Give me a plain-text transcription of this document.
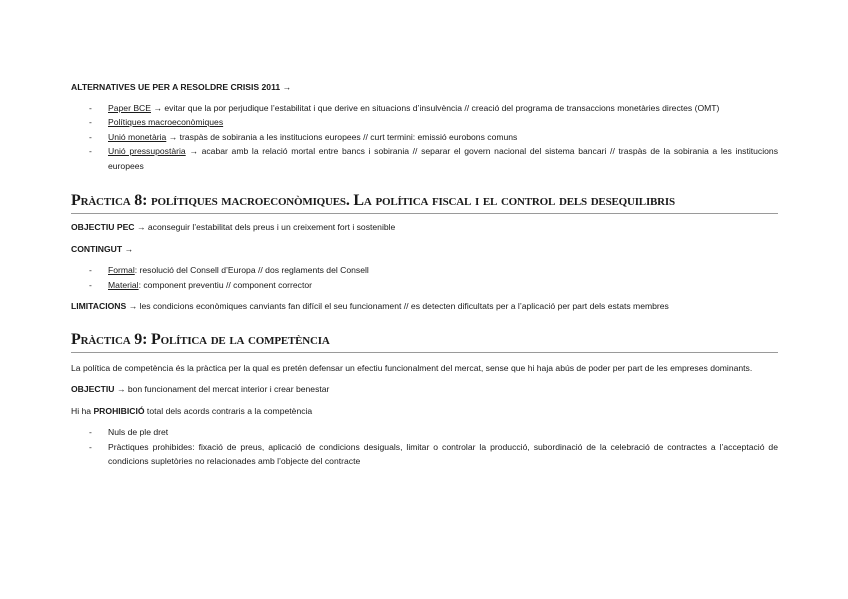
ALTERNATIVES UE PER A RESOLDRE CRISIS 2011 →

- Paper BCE → evitar que la por perjudique l’estabilitat i que derive en situacions d’insulvència // creació del programa de transaccions monetàries directes (OMT)
- Polítiques macroeconòmiques
- Unió monetària → traspàs de sobirania a les institucions europees // curt termini: emissió eurobons comuns
- Unió pressupostària → acabar amb la relació mortal entre bancs i sobirania // separar el govern nacional del sistema bancari // traspàs de la sobirania a les institucions europees
Pràctica 8: polítiques macroeconòmiques. La política fiscal i el control dels desequilibris

OBJECTIU PEC → aconseguir l’estabilitat dels preus i un creixement fort i sostenible

CONTINGUT →

- Formal: resolució del Consell d’Europa // dos reglaments del Consell
- Material: component preventiu // component corrector

LIMITACIONS → les condicions econòmiques canviants fan difícil el seu funcionament // es detecten dificultats per a l’aplicació per part dels estats membres

Pràctica 9: Política de la competència

La política de competència és la pràctica per la qual es pretén defensar un efectiu funcionalment del mercat, sense que hi haja abús de poder per part de les empreses dominants.

OBJECTIU → bon funcionament del mercat interior i crear benestar

Hi ha PROHIBICIÓ total dels acords contraris a la competència

- Nuls de ple dret
- Pràctiques prohibides: fixació de preus, aplicació de condicions desiguals, limitar o controlar la producció, subordinació de la celebració de contractes a l’acceptació de condicions supletòries no relacionades amb l’objecte del contracte
